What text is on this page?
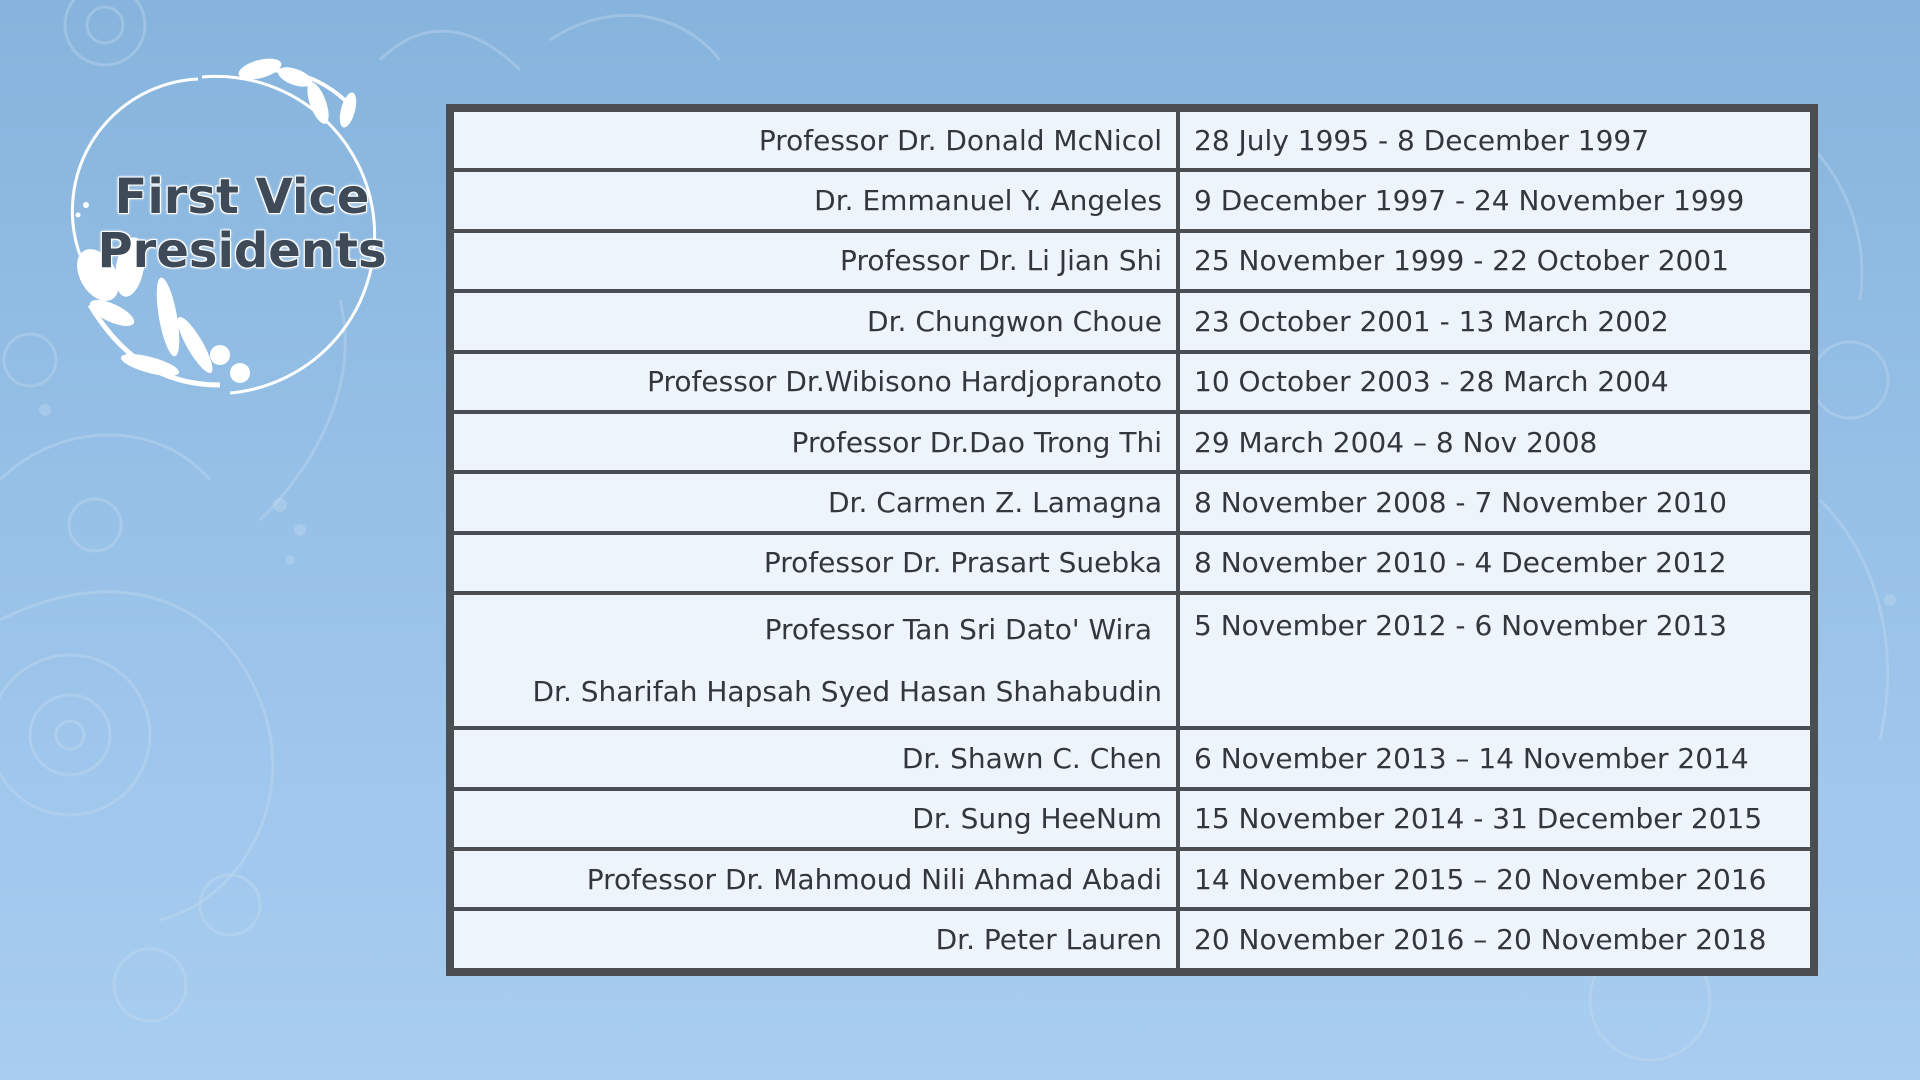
First Vice
Presidents
Professor Dr. Donald McNicol	28 July 1995 - 8 December 1997
Dr. Emmanuel Y. Angeles	9 December 1997 - 24 November 1999
Professor Dr. Li Jian Shi	25 November 1999 - 22 October 2001
Dr. Chungwon Choue	23 October 2001 - 13 March 2002
Professor Dr.Wibisono Hardjopranoto	10 October 2003 - 28 March 2004
Professor Dr.Dao Trong Thi	29 March 2004 – 8 Nov 2008
Dr. Carmen Z. Lamagna	8 November 2008 - 7 November 2010
Professor Dr. Prasart Suebka	8 November 2010 - 4 December 2012

Professor Tan Sri Dato' Wira
Dr. Sharifah Hapsah Syed Hasan Shahabudin	5 November 2012 - 6 November 2013
Dr. Shawn C. Chen	6 November 2013 – 14 November 2014
Dr. Sung HeeNum	15 November 2014 - 31 December 2015
Professor Dr. Mahmoud Nili Ahmad Abadi	14 November 2015 – 20 November 2016
Dr. Peter Lauren	20 November 2016 – 20 November 2018
